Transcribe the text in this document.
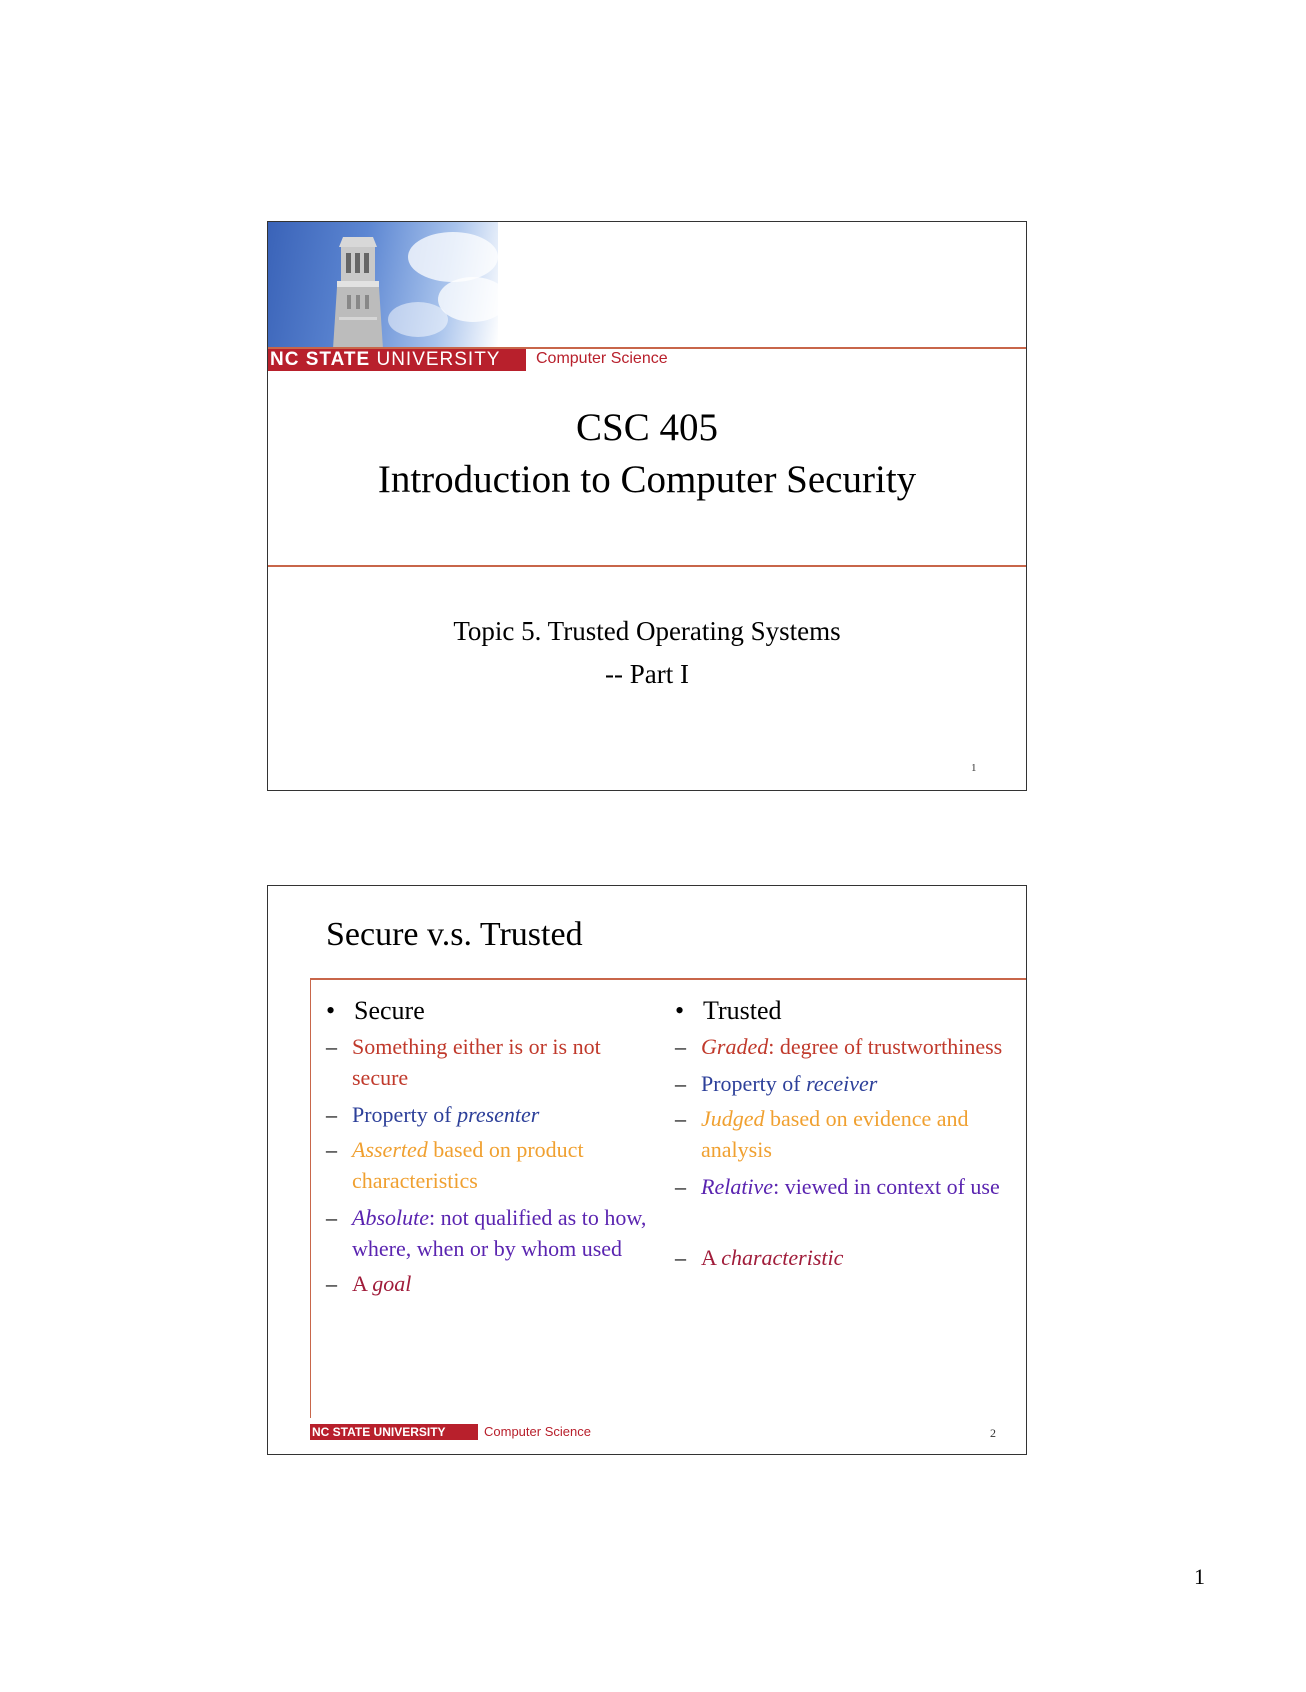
NC STATE UNIVERSITY	Computer Science
CSC 405
Introduction to Computer Security
Topic 5. Trusted Operating Systems
-- Part I
1
Secure v.s. Trusted
• Secure
– Something either is or is not secure
– Property of presenter
– Asserted based on product characteristics
– Absolute: not qualified as to how, where, when or by whom used
– A goal
• Trusted
– Graded: degree of trustworthiness
– Property of receiver
– Judged based on evidence and analysis
– Relative: viewed in context of use
– A characteristic
NC STATE UNIVERSITY	Computer Science	2
1
